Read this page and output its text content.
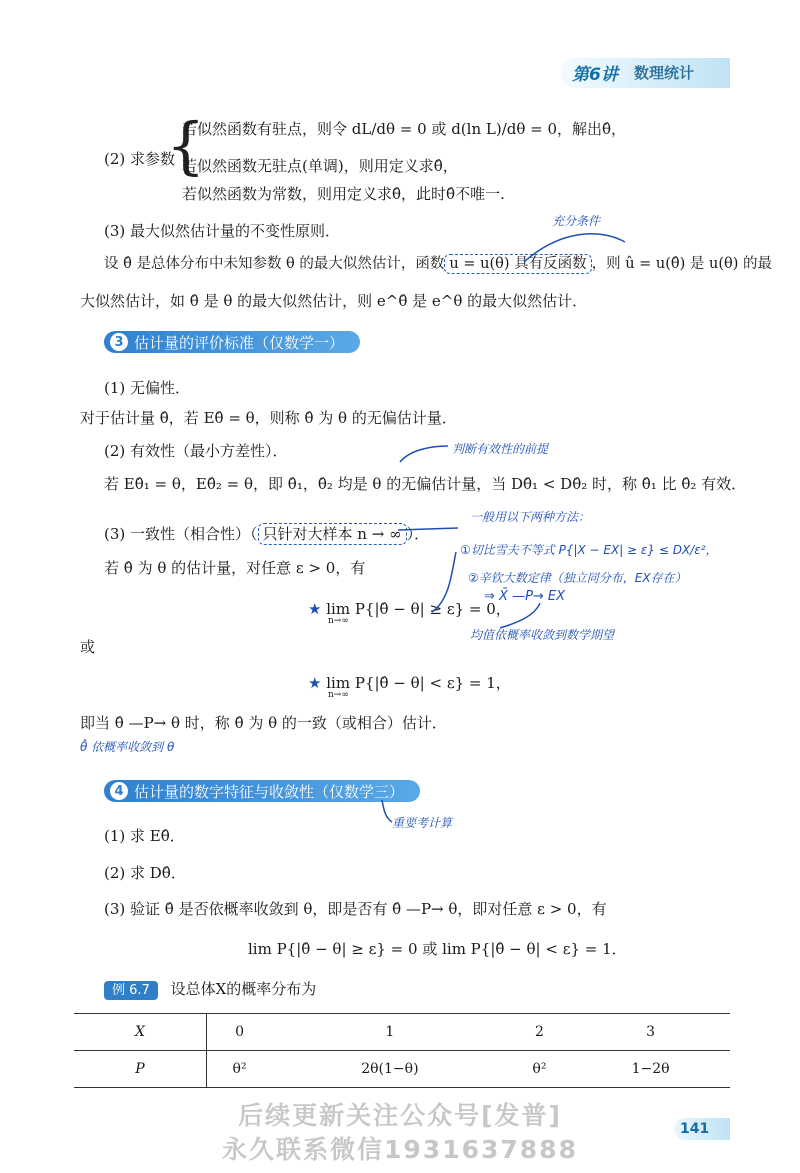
第6讲 数理统计
(2) 求参数
{
若似然函数有驻点，则令 dL/dθ = 0 或 d(ln L)/dθ = 0，解出θ̂，
若似然函数无驻点(单调)，则用定义求θ̂，
若似然函数为常数，则用定义求θ̂，此时θ̂不唯一.
(3) 最大似然估计量的不变性原则．
充分条件
设 θ̂ 是总体分布中未知参数 θ 的最大似然估计，函数 u = u(θ) 具有反函数 ，则 û = u(θ̂) 是 u(θ) 的最
大似然估计，如 θ̂ 是 θ 的最大似然估计，则 e^θ̂ 是 e^θ 的最大似然估计．
3 估计量的评价标准（仅数学一）
(1) 无偏性．
对于估计量 θ̂，若 Eθ̂ = θ，则称 θ̂ 为 θ 的无偏估计量．
(2) 有效性（最小方差性）．	判断有效性的前提
若 Eθ̂₁ = θ，Eθ̂₂ = θ，即 θ̂₁，θ̂₂ 均是 θ 的无偏估计量，当 Dθ̂₁ < Dθ̂₂ 时，称 θ̂₁ 比 θ̂₂ 有效．
(3) 一致性（相合性）（ 只针对大样本 n → ∞ ）．
若 θ̂ 为 θ 的估计量，对任意 ε > 0，有
一般用以下两种方法：
①切比雪夫不等式 P{|X − EX| ≥ ε} ≤ DX/ε²，
②辛钦大数定律（独立同分布，EX存在）
⇒ X̄ —P→ EX
均值依概率收敛到数学期望
★ lim P{|θ̂ − θ| ≥ ε} = 0，
n→∞
或
★ lim P{|θ̂ − θ| < ε} = 1，
n→∞
即当 θ̂ —P→ θ 时，称 θ̂ 为 θ 的一致（或相合）估计．
θ̂ 依概率收敛到 θ
4 估计量的数字特征与收敛性（仅数学三）
重要考计算
(1) 求 Eθ̂．
(2) 求 Dθ̂．
(3) 验证 θ̂ 是否依概率收敛到 θ，即是否有 θ̂ —P→ θ，即对任意 ε > 0，有
lim P{|θ̂ − θ| ≥ ε} = 0 或 lim P{|θ̂ − θ| < ε} = 1．
例 6.7 设总体X的概率分布为
X	0	1	2	3
P	θ²	2θ(1−θ)	θ²	1−2θ
后续更新关注公众号[发普]
永久联系微信1931637888
141
